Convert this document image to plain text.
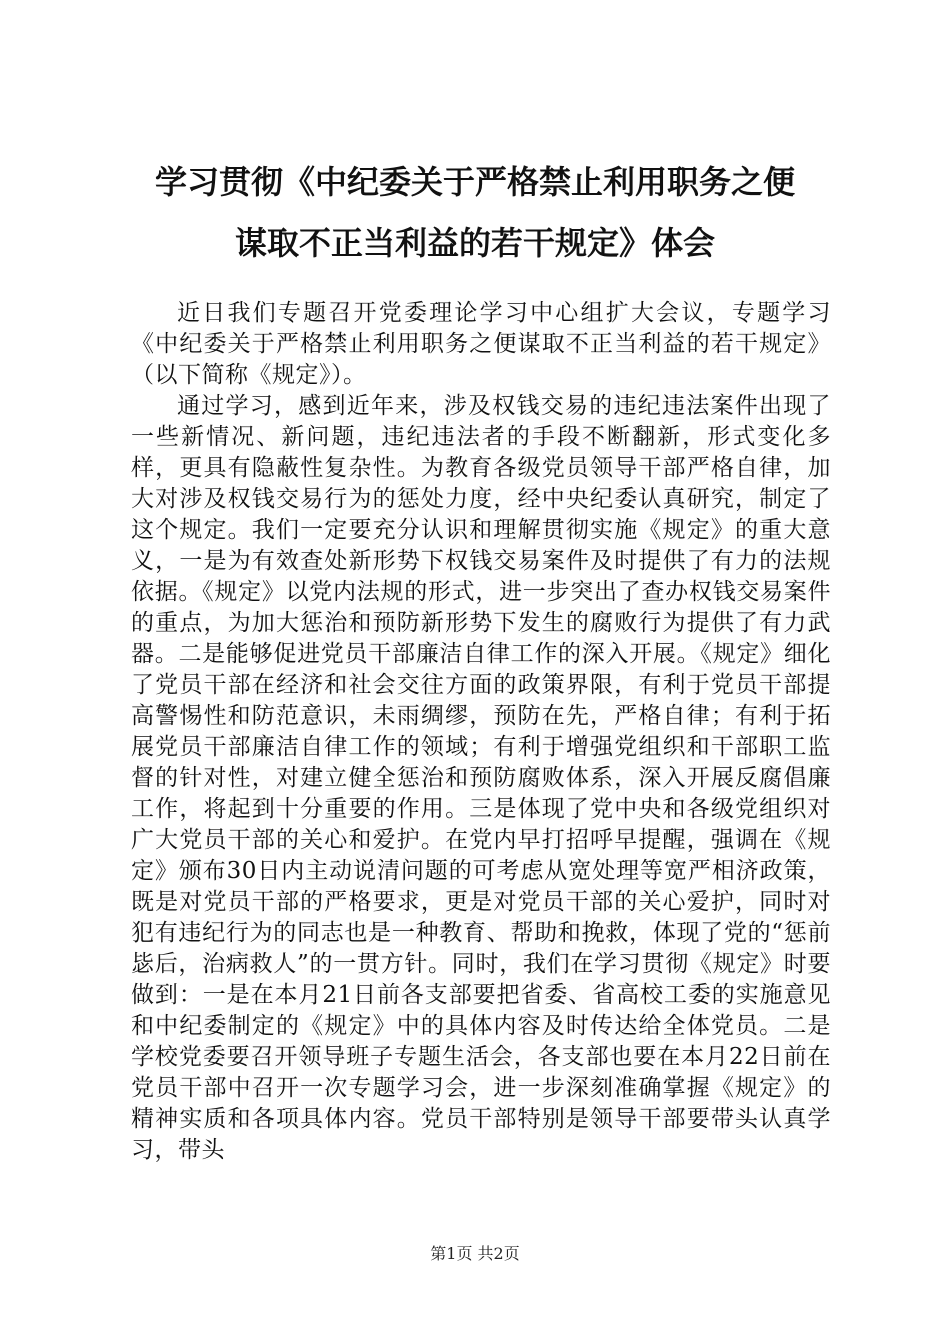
学习贯彻《中纪委关于严格禁止利用职务之便
谋取不正当利益的若干规定》体会

近日我们专题召开党委理论学习中心组扩大会议，专题学习《中纪委关于严格禁止利用职务之便谋取不正当利益的若干规定》（以下简称《规定》）。

通过学习，感到近年来，涉及权钱交易的违纪违法案件出现了一些新情况、新问题，违纪违法者的手段不断翻新，形式变化多样，更具有隐蔽性复杂性。为教育各级党员领导干部严格自律，加大对涉及权钱交易行为的惩处力度，经中央纪委认真研究，制定了这个规定。我们一定要充分认识和理解贯彻实施《规定》的重大意义，一是为有效查处新形势下权钱交易案件及时提供了有力的法规依据。《规定》以党内法规的形式，进一步突出了查办权钱交易案件的重点，为加大惩治和预防新形势下发生的腐败行为提供了有力武器。二是能够促进党员干部廉洁自律工作的深入开展。《规定》细化了党员干部在经济和社会交往方面的政策界限，有利于党员干部提高警惕性和防范意识，未雨绸缪，预防在先，严格自律；有利于拓展党员干部廉洁自律工作的领域；有利于增强党组织和干部职工监督的针对性，对建立健全惩治和预防腐败体系，深入开展反腐倡廉工作，将起到十分重要的作用。三是体现了党中央和各级党组织对广大党员干部的关心和爱护。在党内早打招呼早提醒，强调在《规定》颁布30日内主动说清问题的可考虑从宽处理等宽严相济政策，既是对党员干部的严格要求，更是对党员干部的关心爱护，同时对犯有违纪行为的同志也是一种教育、帮助和挽救，体现了党的“惩前毖后，治病救人”的一贯方针。同时，我们在学习贯彻《规定》时要做到：一是在本月21日前各支部要把省委、省高校工委的实施意见和中纪委制定的《规定》中的具体内容及时传达给全体党员。二是学校党委要召开领导班子专题生活会，各支部也要在本月22日前在党员干部中召开一次专题学习会，进一步深刻准确掌握《规定》的精神实质和各项具体内容。党员干部特别是领导干部要带头认真学习，带头

第1页 共2页
